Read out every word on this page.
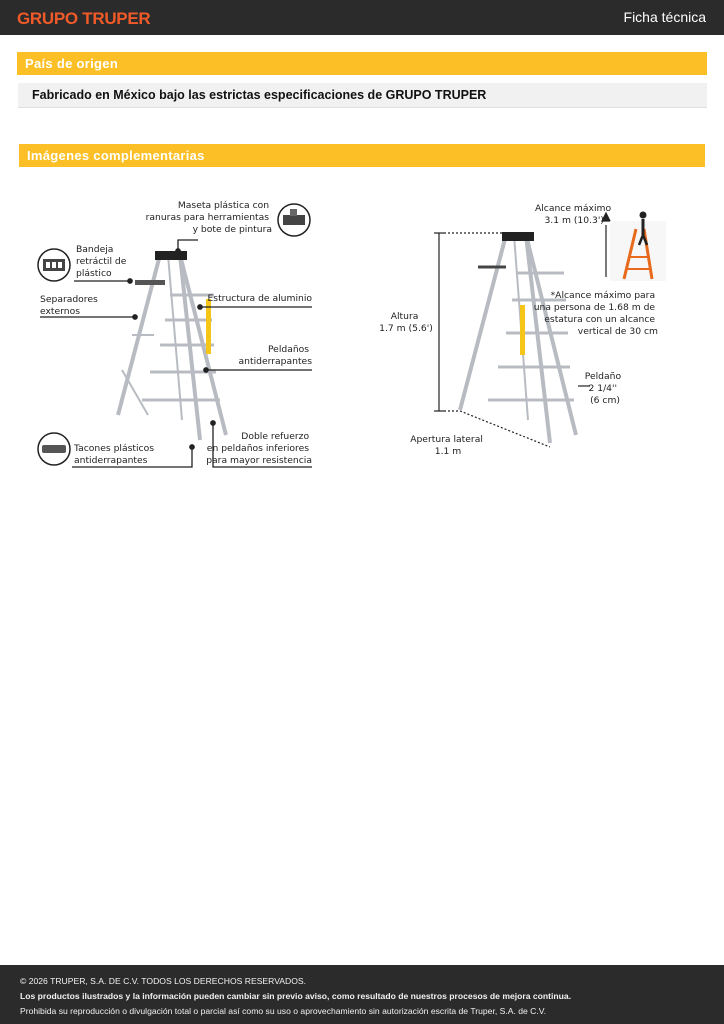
GRUPO TRUPER	Ficha técnica
País de origen
Fabricado en México bajo las estrictas especificaciones de GRUPO TRUPER
Imágenes complementarias
Maseta plástica con ranuras para herramientas y bote de pintura
Bandeja retráctil de plástico
Separadores externos
Estructura de aluminio
Peldaños antiderrapantes
Tacones plásticos antiderrapantes
Doble refuerzo en peldaños inferiores para mayor resistencia
Alcance máximo 3.1 m (10.3')
Altura 1.7 m (5.6')
*Alcance máximo para una persona de 1.68 m de estatura con un alcance vertical de 30 cm
Peldaño 2 1/4'' (6 cm)
Apertura lateral 1.1 m
© 2026 TRUPER, S.A. DE C.V. TODOS LOS DERECHOS RESERVADOS.
Los productos ilustrados y la información pueden cambiar sin previo aviso, como resultado de nuestros procesos de mejora continua.
Prohibida su reproducción o divulgación total o parcial así como su uso o aprovechamiento sin autorización escrita de Truper, S.A. de C.V.
